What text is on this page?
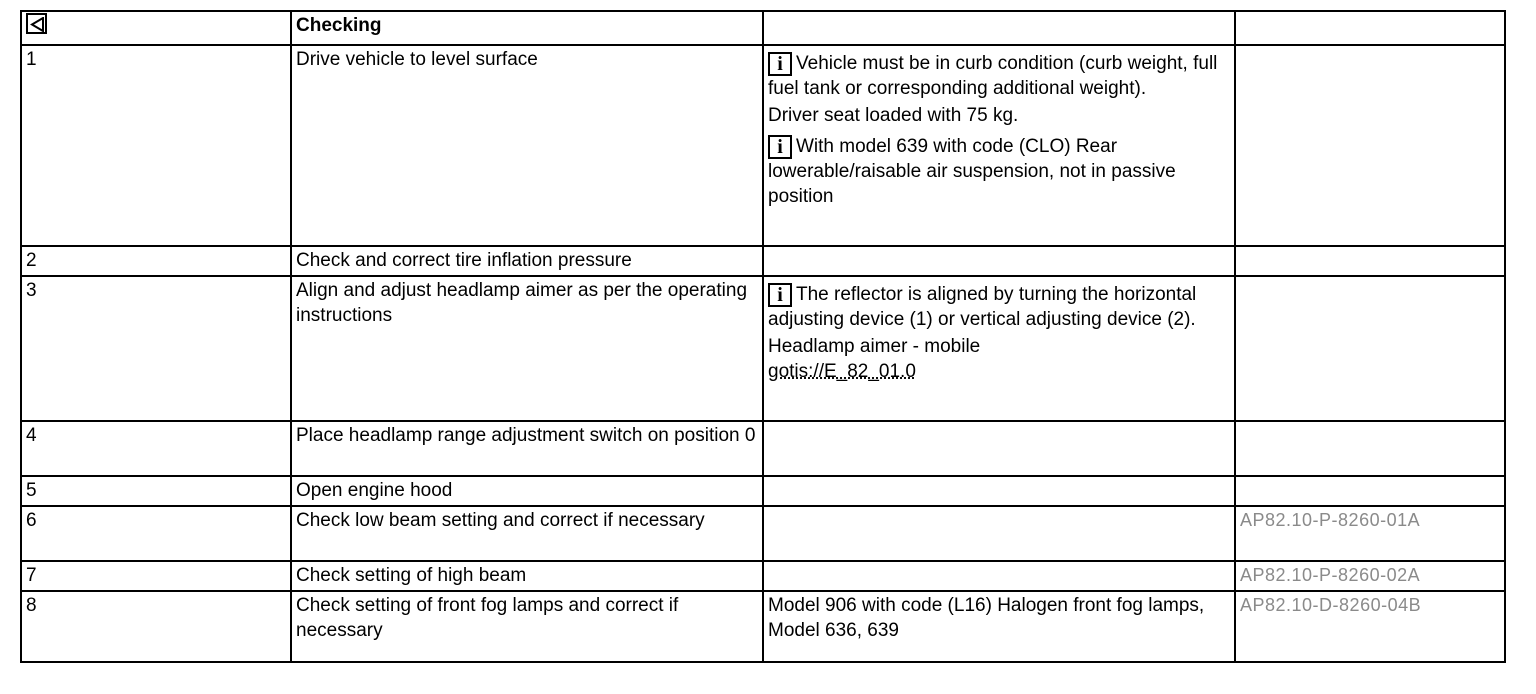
	Checking		
1	Drive vehicle to level surface	i Vehicle must be in curb condition (curb weight, full fuel tank or corresponding additional weight).
Driver seat loaded with 75 kg.
i With model 639 with code (CLO) Rear lowerable/raisable air suspension, not in passive position	

2	Check and correct tire inflation pressure		
3	Align and adjust headlamp aimer as per the operating instructions	i The reflector is aligned by turning the horizontal adjusting device (1) or vertical adjusting device (2).
Headlamp aimer - mobile
gotis://E_82_01.0	

4	Place headlamp range adjustment switch on position 0		
5	Open engine hood		
6	Check low beam setting and correct if necessary		AP82.10-P-8260-01A
7	Check setting of high beam		AP82.10-P-8260-02A
8	Check setting of front fog lamps and correct if necessary	Model 906 with code (L16) Halogen front fog lamps,
Model 636, 639	AP82.10-D-8260-04B
